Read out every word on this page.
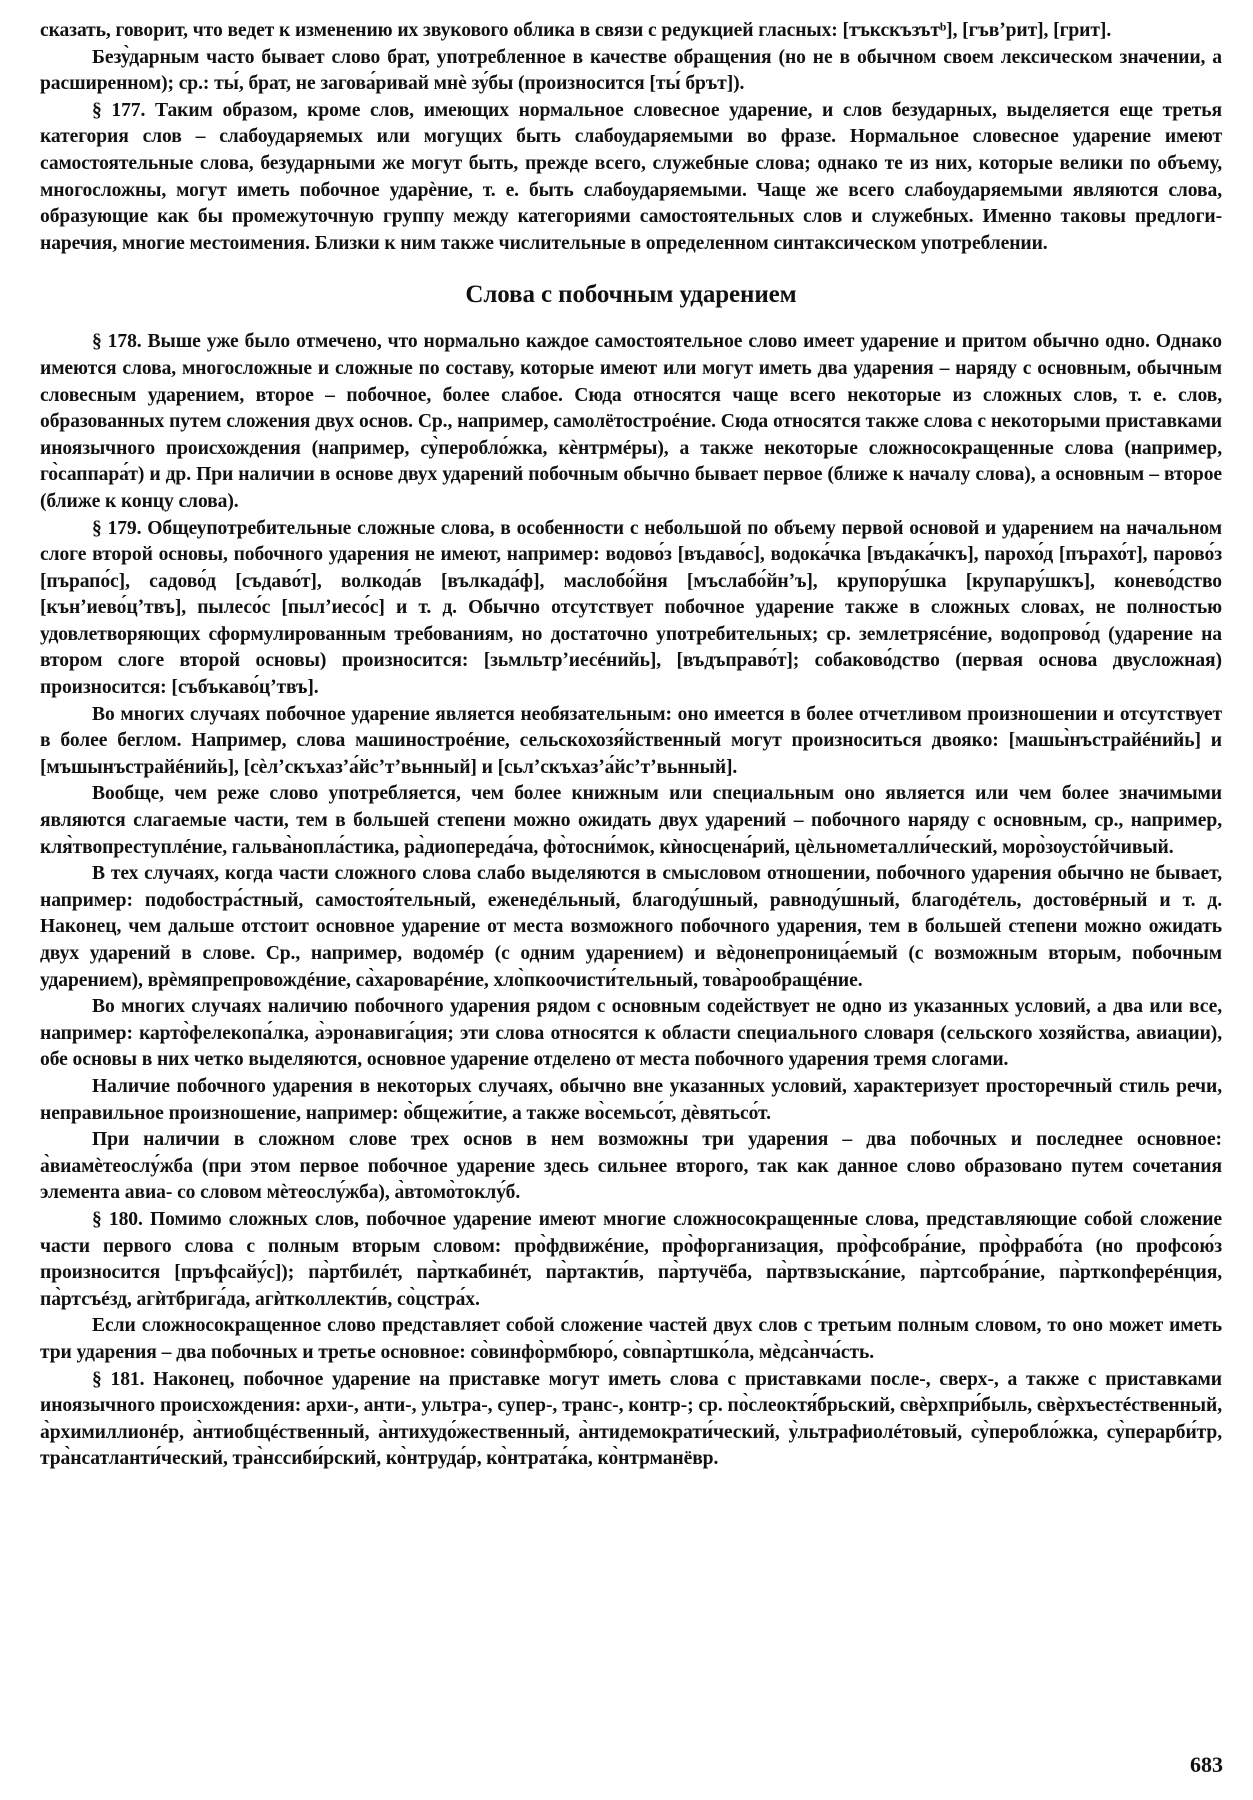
сказать, говорит, что ведет к изменению их звукового облика в связи с редукцией гласных: [тъкскъзътᵇ], [гъвʼрит], [грит].

Безу̀дарным часто бывает слово брат, употребленное в качестве обращения (но не в обычном своем лексическом значении, а расширенном); ср.: ты́, брат, не загова́ривай мнѐ зу́бы (произносится [ты́ брът]).

§ 177. Таким образом, кроме слов, имеющих нормальное словесное ударение, и слов безударных, выделяется еще третья категория слов – слабоударяемых или могущих быть слабоударяемыми во фразе. Нормальное словесное ударение имеют самостоятельные слова, безударными же могут быть, прежде всего, служебные слова; однако те из них, которые велики по объему, многосложны, могут иметь побочное ударѐние, т. е. быть слабоударяемыми. Чаще же всего слабоударяемыми являются слова, образующие как бы промежуточную группу между категориями самостоятельных слов и служебных. Именно таковы предлоги-наречия, многие местоимения. Близки к ним также числительные в определенном синтаксическом употреблении.

Слова с побочным ударением

§ 178. Выше уже было отмечено, что нормально каждое самостоятельное слово имеет ударение и притом обычно одно. Однако имеются слова, многосложные и сложные по составу, которые имеют или могут иметь два ударения – наряду с основным, обычным словесным ударением, второе – побочное, более слабое. Сюда относятся чаще всего некоторые из сложных слов, т. е. слов, образованных путем сложения двух основ. Ср., например, самолётостроéние. Сюда относятся также слова с некоторыми приставками иноязычного происхождения (например, су̀перобло́жка, кѐнтрмéры), а также некоторые сложносокращенные слова (например, го̀саппара́т) и др. При наличии в основе двух ударений побочным обычно бывает первое (ближе к началу слова), а основным – второе (ближе к концу слова).

§ 179. Общеупотребительные сложные слова, в особенности с небольшой по объему первой основой и ударением на начальном слоге второй основы, побочного ударения не имеют, например: водово́з [въдаво́с], водока́чка [въдака́чкъ], парохо́д [пърахо́т], парово́з [пърапо́с], садово́д [съдаво́т], волкода́в [вълкада́ф], маслобо́йня [мъслабо́йнʼъ], крупору́шка [крупару́шкъ], конево́дство [кънʼиево́цʼтвъ], пылесо́с [пылʼиесо́с] и т. д. Обычно отсутствует побочное ударение также в сложных словах, не полностью удовлетворяющих сформулированным требованиям, но достаточно употребительных; ср. землетрясéние, водопрово́д (ударение на втором слоге второй основы) произносится: [зьмльтрʼиесéнийь], [въдъправо́т]; собаково́дство (первая основа двусложная) произносится: [събъкаво́цʼтвъ].

Во многих случаях побочное ударение является необязательным: оно имеется в более отчетливом произношении и отсутствует в более беглом. Например, слова машиностроéние, сельскохозя́йственный могут произноситься двояко: [машы̀нъстрайéнийь] и [мъшынъстрайéнийь], [сѐлʼскъхазʼа́йсʼтʼвьнный] и [сьлʼскъхазʼа́йсʼтʼвьнный].

Вообще, чем реже слово употребляется, чем более книжным или специальным оно является или чем более значимыми являются слагаемые части, тем в большей степени можно ожидать двух ударений – побочного наряду с основным, ср., например, кля̀твопреступлéние, гальва̀нопла́стика, ра̀диопереда́ча, фо̀тосни́мок, кѝносцена́рий, цѐльнометалли́ческий, моро̀зоусто́йчивый.

В тех случаях, когда части сложного слова слабо выделяются в смысловом отношении, побочного ударения обычно не бывает, например: подобостра́стный, самостоя́тельный, еженедéльный, благоду́шный, равноду́шный, благодéтель, достовéрный и т. д. Наконец, чем дальше отстоит основное ударение от места возможного побочного ударения, тем в большей степени можно ожидать двух ударений в слове. Ср., например, водомéр (с одним ударением) и вѐдонепроница́емый (с возможным вторым, побочным ударением), врѐмяпрепровождéние, са̀хароварéние, хло̀пкоочисти́тельный, това̀рообращéние.

Во многих случаях наличию побочного ударения рядом с основным содействует не одно из указанных условий, а два или все, например: карто̀фелекопа́лка, а̀эронавига́ция; эти слова относятся к области специального словаря (сельского хозяйства, авиации), обе основы в них четко выделяются, основное ударение отделено от места побочного ударения тремя слогами.

Наличие побочного ударения в некоторых случаях, обычно вне указанных условий, характеризует просторечный стиль речи, неправильное произношение, например: о̀бщежи́тие, а также во̀семьсо́т, дѐвятьсо́т.

При наличии в сложном слове трех основ в нем возможны три ударения – два побочных и последнее основное: а̀виамѐтеослу́жба (при этом первое побочное ударение здесь сильнее второго, так как данное слово образовано путем сочетания элемента авиа- со словом мѐтеослу́жба), а̀втомо̀токлу́б.

§ 180. Помимо сложных слов, побочное ударение имеют многие сложносокращенные слова, представляющие собой сложение части первого слова с полным вторым словом: про̀фдвижéние, про̀форганизация, про̀фсобра́ние, про̀фрабо́та (но профсою́з произносится [пръфсайу́с]); па̀ртбилéт, па̀рткабинéт, па̀ртакти́в, па̀ртучёба, па̀ртвзыска́ние, па̀ртсобра́ние, па̀рткonферéнция, па̀ртсъéзд, агѝтбрига́да, агѝтколлекти́в, со̀цстра́х.

Если сложносокращенное слово представляет собой сложение частей двух слов с третьим полным словом, то оно может иметь три ударения – два побочных и третье основное: со̀винфо̀рмбюро́, со̀впа̀ртшко́ла, мѐдса̀нча́сть.

§ 181. Наконец, побочное ударение на приставке могут иметь слова с приставками после-, сверх-, а также с приставками иноязычного происхождения: архи-, анти-, ультра-, супер-, транс-, контр-; ср. по̀слеоктя́брьский, свѐрхпри́быль, свѐрхъестéственный, а̀рхимиллионéр, а̀нтиобщéственный, а̀нтихудо́жественный, а̀нтидемократи́ческий, у̀льтрафиолéтовый, су̀перобло́жка, су̀перарби́тр, тра̀нсатланти́ческий, тра̀нссиби́рский, ко̀нтруда́р, ко̀нтрата́ка, ко̀нтрманёвр.

683
